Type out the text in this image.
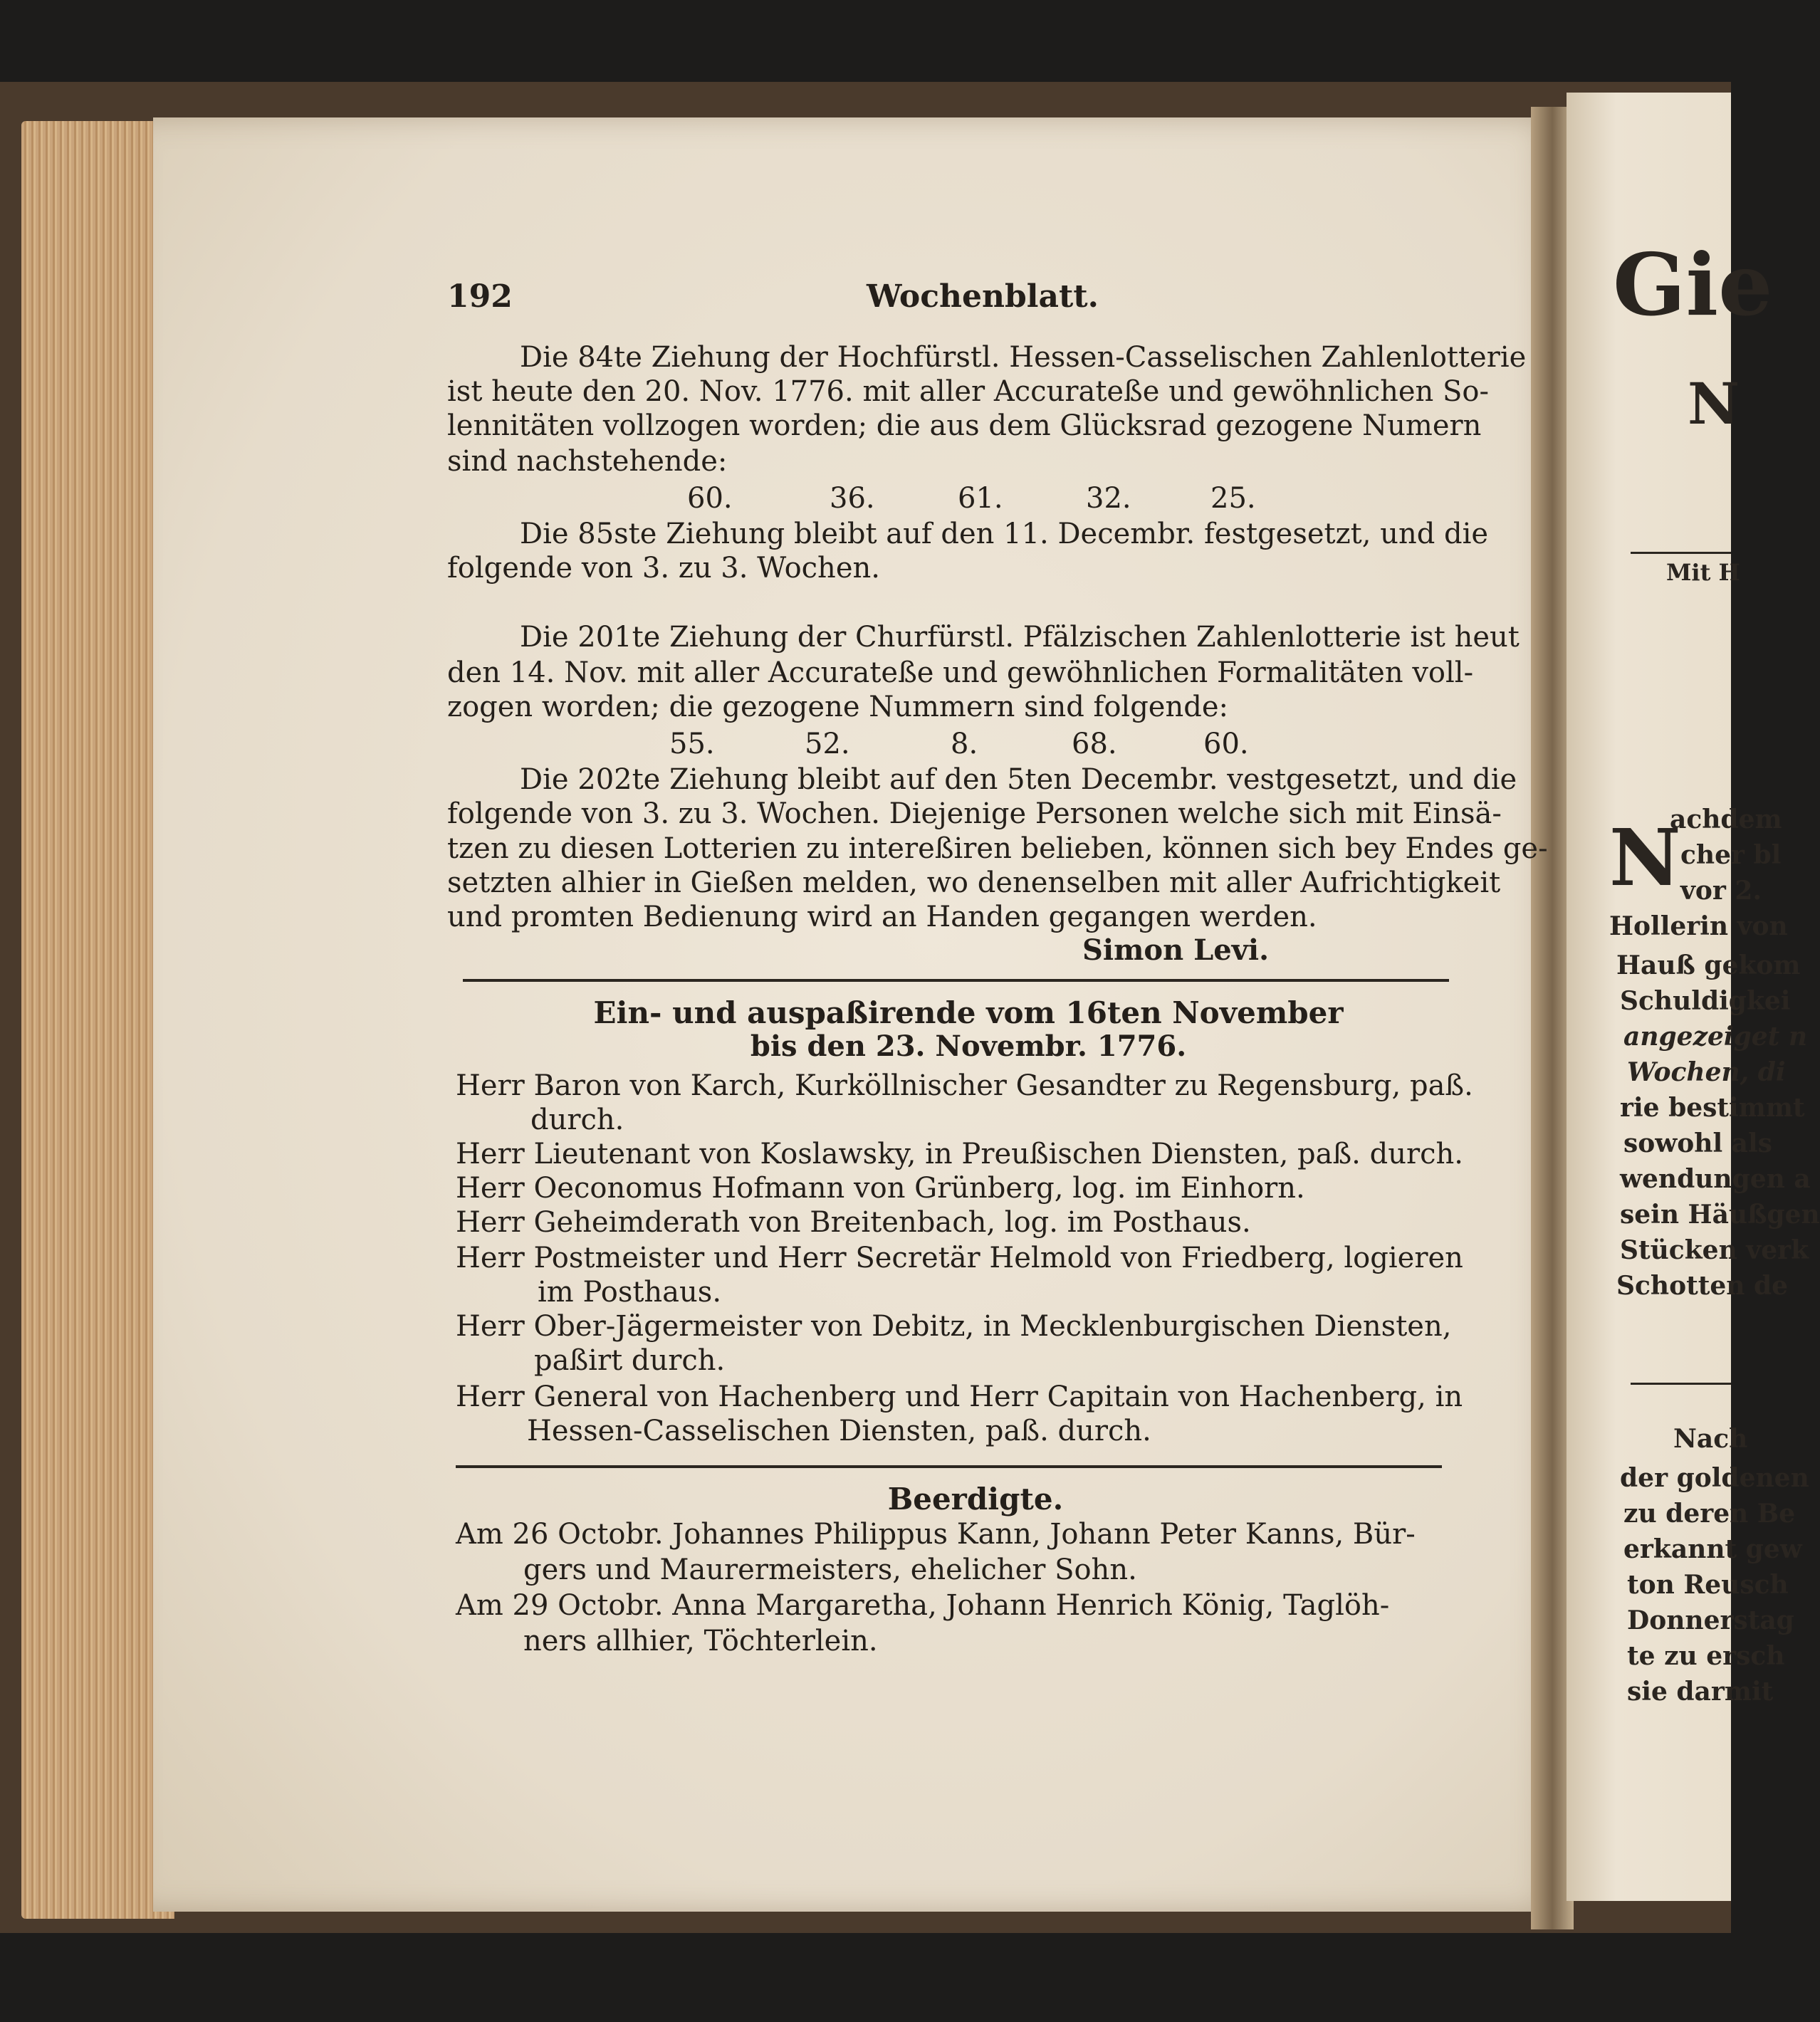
Gie
N
Mit H
N
achdem
cher bl
vor 2.
Hollerin von
Hauß gekom
Schuldigkei
angezeiget n
Wochen, di
rie bestimmt
sowohl als
wendungen a
sein Häußgen
Stücken verk
Schotten de
Nach
der goldenen
zu deren Be
erkannt gew
ton Reusch
Donnerstag
te zu ersch
sie darmit
192	Wochenblatt.
Die 84te Ziehung der Hochfürstl. Hessen-Casselischen Zahlenlotterie
ist heute den 20. Nov. 1776. mit aller Accurateße und gewöhnlichen So-
lennitäten vollzogen worden; die aus dem Glücksrad gezogene Numern
sind nachstehende:
60.	36.	61.	32.	25.
Die 85ste Ziehung bleibt auf den 11. Decembr. festgesetzt, und die
folgende von 3. zu 3. Wochen.
Die 201te Ziehung der Churfürstl. Pfälzischen Zahlenlotterie ist heut
den 14. Nov. mit aller Accurateße und gewöhnlichen Formalitäten voll-
zogen worden; die gezogene Nummern sind folgende:
55.	52.	8.	68.	60.
Die 202te Ziehung bleibt auf den 5ten Decembr. vestgesetzt, und die
folgende von 3. zu 3. Wochen. Diejenige Personen welche sich mit Einsä-
tzen zu diesen Lotterien zu intereßiren belieben, können sich bey Endes ge-
setzten alhier in Gießen melden, wo denenselben mit aller Aufrichtigkeit
und promten Bedienung wird an Handen gegangen werden.
Simon Levi.
Ein- und auspaßirende vom 16ten November
bis den 23. Novembr. 1776.
Herr Baron von Karch, Kurköllnischer Gesandter zu Regensburg, paß.
durch.
Herr Lieutenant von Koslawsky, in Preußischen Diensten, paß. durch.
Herr Oeconomus Hofmann von Grünberg, log. im Einhorn.
Herr Geheimderath von Breitenbach, log. im Posthaus.
Herr Postmeister und Herr Secretär Helmold von Friedberg, logieren
im Posthaus.
Herr Ober-Jägermeister von Debitz, in Mecklenburgischen Diensten,
paßirt durch.
Herr General von Hachenberg und Herr Capitain von Hachenberg, in
Hessen-Casselischen Diensten, paß. durch.
Beerdigte.
Am 26 Octobr. Johannes Philippus Kann, Johann Peter Kanns, Bür-
gers und Maurermeisters, ehelicher Sohn.
Am 29 Octobr. Anna Margaretha, Johann Henrich König, Taglöh-
ners allhier, Töchterlein.
